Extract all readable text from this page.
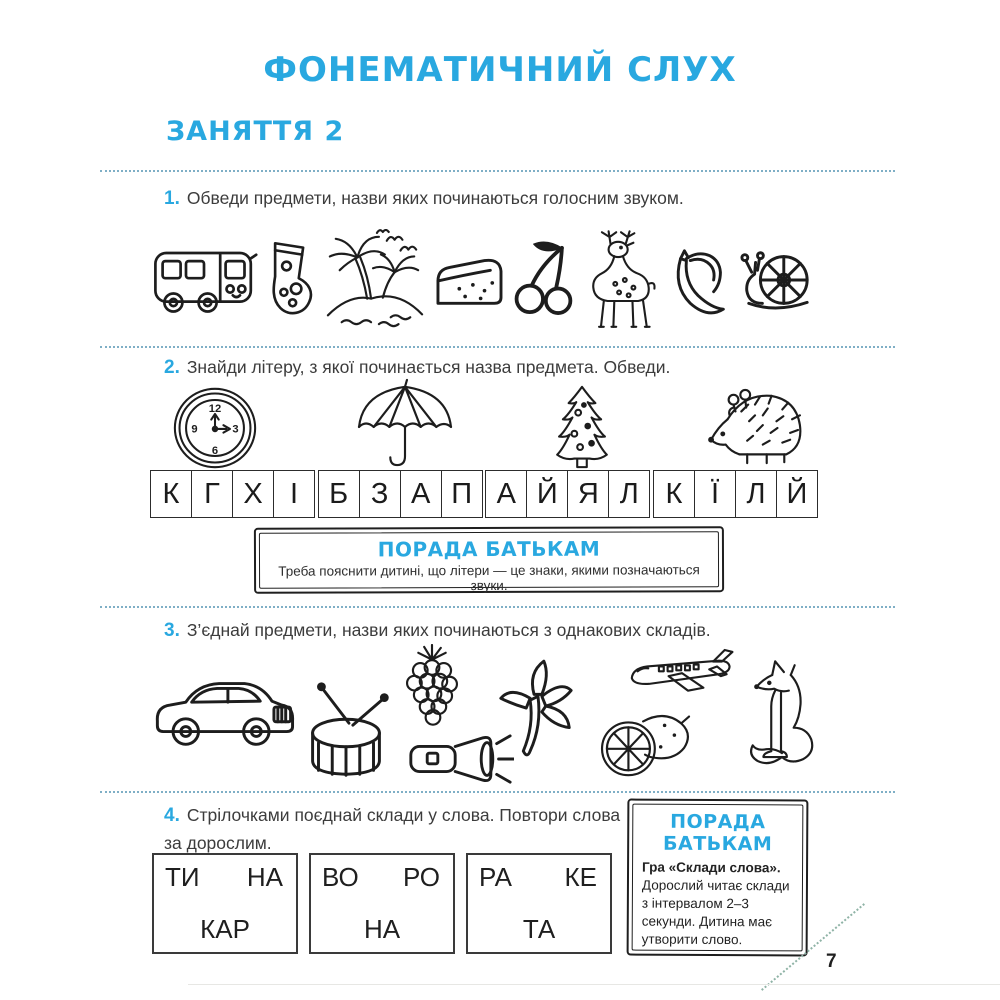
ФОНЕМАТИЧНИЙ СЛУХ
ЗАНЯТТЯ 2

1. Обведи предмети, назви яких починаються голосним звуком.

2. Знайди літеру, з якої починається назва предмета. Обведи.

12
3
6
9
К Г Х І	Б З А П А Й Я Л К Ї Л Й
ПОРАДА БАТЬКАМ
Треба пояснити дитині, що літери — це знаки, якими позначаються звуки.

3. З’єднай предмети, назви яких починаються з однакових складів.

4. Стрілочками поєднай склади у слова. Повтори слова за дорослим.

ТИ НА
КАР
ВО РО
НА
РА КЕ
ТА
ПОРАДА БАТЬКАМ
Гра «Склади слова». Дорослий читає склади з інтервалом 2–3 секунди. Дитина має утворити слово.
7
